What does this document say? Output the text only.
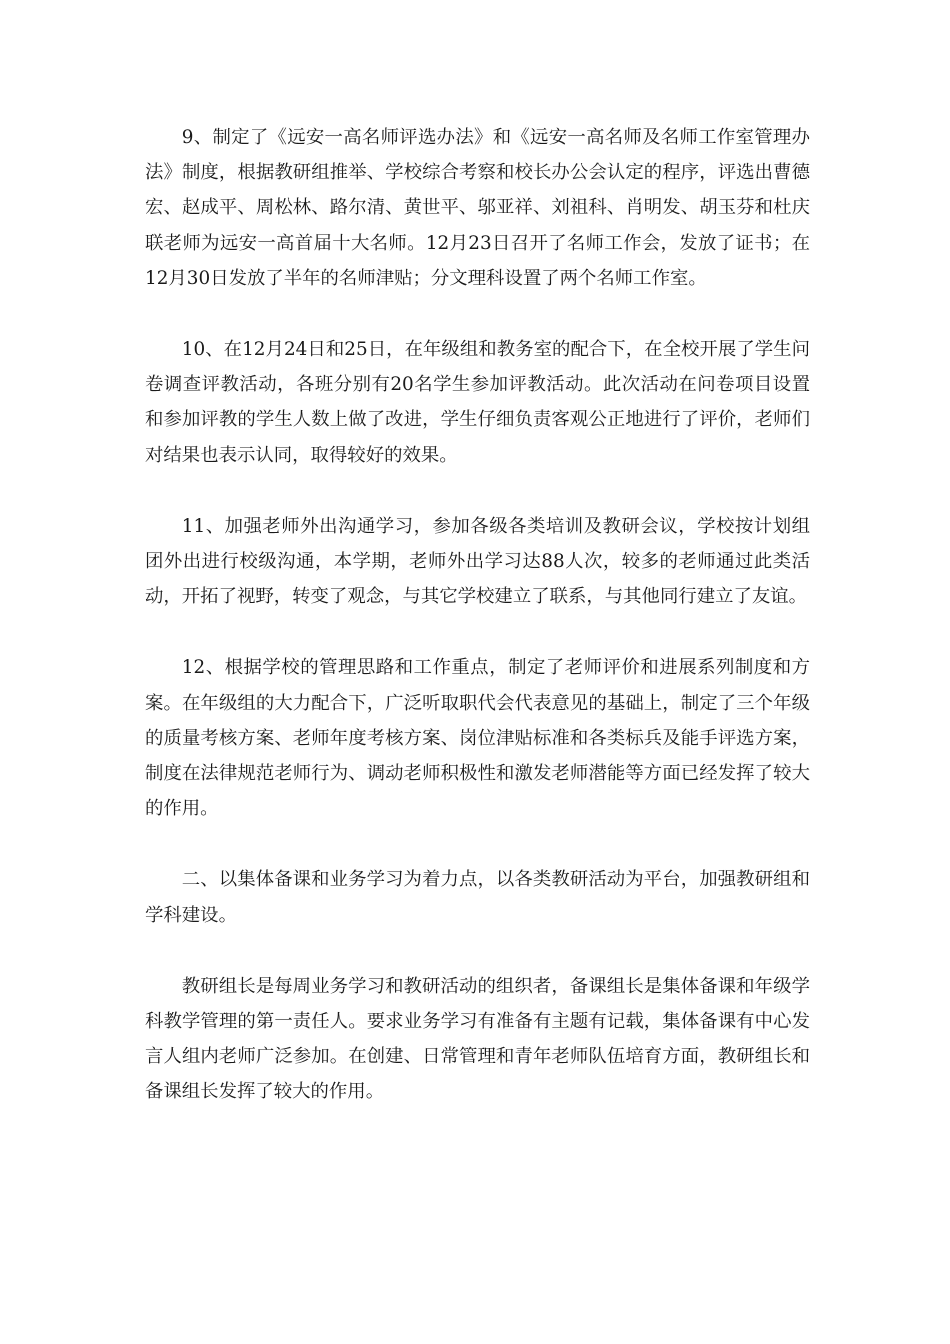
9、制定了《远安一高名师评选办法》和《远安一高名师及名师工作室管理办法》制度，根据教研组推举、学校综合考察和校长办公会认定的程序，评选出曹德宏、赵成平、周松林、路尔清、黄世平、邬亚祥、刘祖科、肖明发、胡玉芬和杜庆联老师为远安一高首届十大名师。12月23日召开了名师工作会，发放了证书；在12月30日发放了半年的名师津贴；分文理科设置了两个名师工作室。

10、在12月24日和25日，在年级组和教务室的配合下，在全校开展了学生问卷调查评教活动，各班分别有20名学生参加评教活动。此次活动在问卷项目设置和参加评教的学生人数上做了改进，学生仔细负责客观公正地进行了评价，老师们对结果也表示认同，取得较好的效果。

11、加强老师外出沟通学习，参加各级各类培训及教研会议，学校按计划组团外出进行校级沟通，本学期，老师外出学习达88人次，较多的老师通过此类活动，开拓了视野，转变了观念，与其它学校建立了联系，与其他同行建立了友谊。

12、根据学校的管理思路和工作重点，制定了老师评价和进展系列制度和方案。在年级组的大力配合下，广泛听取职代会代表意见的基础上，制定了三个年级的质量考核方案、老师年度考核方案、岗位津贴标准和各类标兵及能手评选方案，制度在法律规范老师行为、调动老师积极性和激发老师潜能等方面已经发挥了较大的作用。

二、以集体备课和业务学习为着力点，以各类教研活动为平台，加强教研组和学科建设。

教研组长是每周业务学习和教研活动的组织者，备课组长是集体备课和年级学科教学管理的第一责任人。要求业务学习有准备有主题有记载，集体备课有中心发言人组内老师广泛参加。在创建、日常管理和青年老师队伍培育方面，教研组长和备课组长发挥了较大的作用。
